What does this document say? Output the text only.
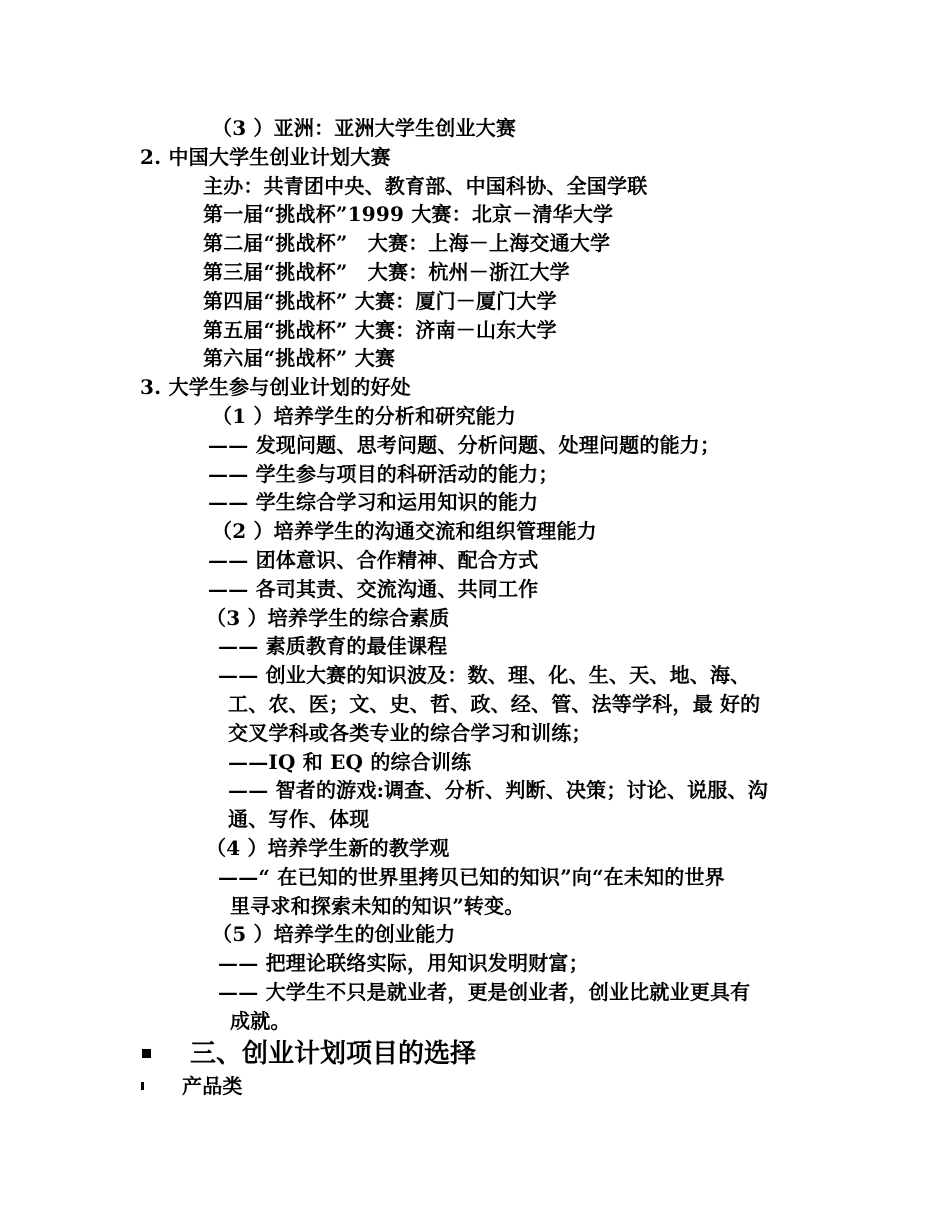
（3 ）亚洲：亚洲大学生创业大赛
2. 中国大学生创业计划大赛
主办：共青团中央、教育部、中国科协、全国学联
第一届“挑战杯”1999 大赛：北京－清华大学
第二届“挑战杯”　大赛：上海－上海交通大学
第三届“挑战杯”　大赛：杭州－浙江大学
第四届“挑战杯” 大赛：厦门－厦门大学
第五届“挑战杯” 大赛：济南－山东大学
第六届“挑战杯” 大赛
3. 大学生参与创业计划的好处
（1 ）培养学生的分析和研究能力
—— 发现问题、思考问题、分析问题、处理问题的能力；
—— 学生参与项目的科研活动的能力；
—— 学生综合学习和运用知识的能力
（2 ）培养学生的沟通交流和组织管理能力
—— 团体意识、合作精神、配合方式
—— 各司其责、交流沟通、共同工作
（3 ）培养学生的综合素质
—— 素质教育的最佳课程
—— 创业大赛的知识波及：数、理、化、生、天、地、海、
工、农、医；文、史、哲、政、经、管、法等学科，最 好的
交叉学科或各类专业的综合学习和训练；
——IQ 和 EQ 的综合训练
—— 智者的游戏:调查、分析、判断、决策；讨论、说服、沟
通、写作、体现
（4 ）培养学生新的教学观
——“ 在已知的世界里拷贝已知的知识”向“在未知的世界
里寻求和探索未知的知识”转变。
（5 ）培养学生的创业能力
—— 把理论联络实际，用知识发明财富；
—— 大学生不只是就业者，更是创业者，创业比就业更具有
成就。
三、创业计划项目的选择
产品类
